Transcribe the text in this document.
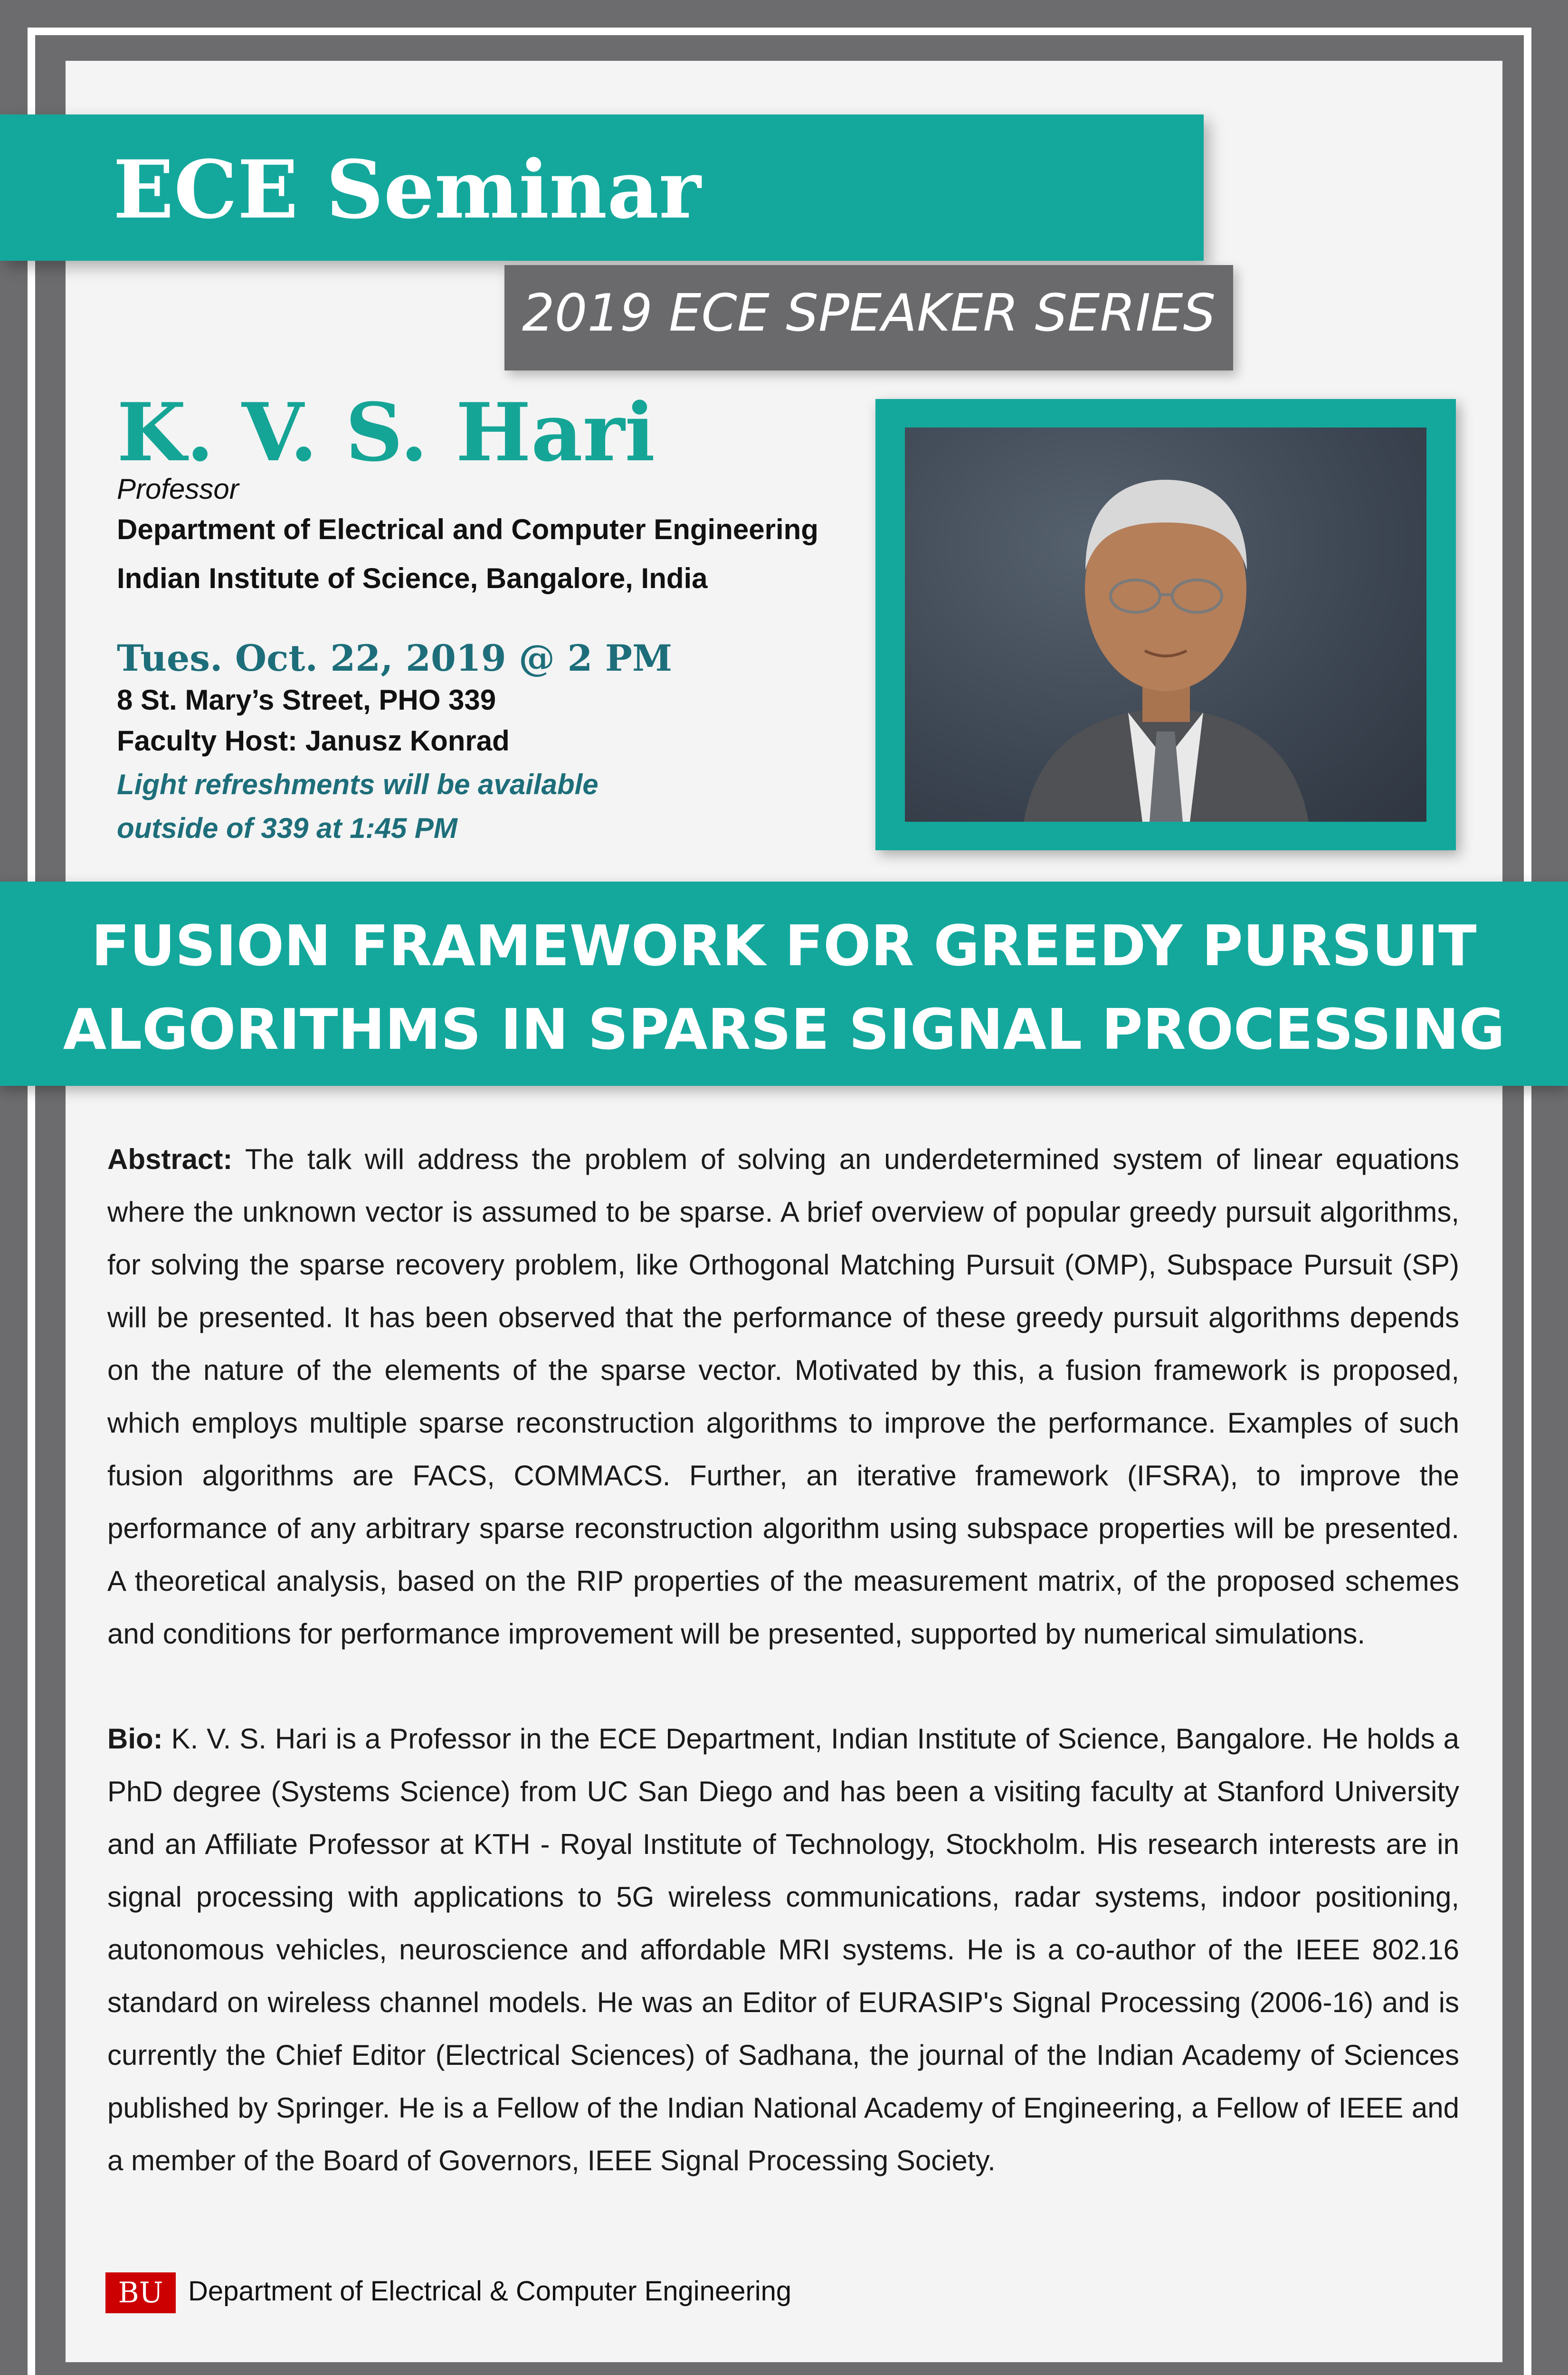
ECE Seminar
2019 ECE SPEAKER SERIES
K. V. S. Hari
Professor
Department of Electrical and Computer Engineering
Indian Institute of Science, Bangalore, India
Tues. Oct. 22, 2019 @ 2 PM
8 St. Mary’s Street, PHO 339
Faculty Host: Janusz Konrad
Light refreshments will be available
outside of 339 at 1:45 PM
FUSION FRAMEWORK FOR GREEDY PURSUIT
ALGORITHMS IN SPARSE SIGNAL PROCESSING
Abstract: The talk will address the problem of solving an underdetermined system of linear equations where the unknown vector is assumed to be sparse. A brief overview of popular greedy pursuit algorithms, for solving the sparse recovery problem, like Orthogonal Matching Pursuit (OMP), Subspace Pursuit (SP) will be presented. It has been observed that the performance of these greedy pursuit algorithms depends on the nature of the elements of the sparse vector. Motivated by this, a fusion framework is proposed, which employs multiple sparse reconstruction algorithms to improve the performance. Examples of such fusion algorithms are FACS, COMMACS. Further, an iterative framework (IFSRA), to improve the performance of any arbitrary sparse reconstruction algorithm using subspace properties will be presented. A theoretical analysis, based on the RIP properties of the measurement matrix, of the proposed schemes and conditions for performance improvement will be presented, supported by numerical simulations.
Bio: K. V. S. Hari is a Professor in the ECE Department, Indian Institute of Science, Bangalore. He holds a PhD degree (Systems Science) from UC San Diego and has been a visiting faculty at Stanford University and an Affiliate Professor at KTH - Royal Institute of Technology, Stockholm. His research interests are in signal processing with applications to 5G wireless communications, radar systems, indoor positioning, autonomous vehicles, neuroscience and affordable MRI systems. He is a co-author of the IEEE 802.16 standard on wireless channel models. He was an Editor of EURASIP's Signal Processing (2006-16) and is currently the Chief Editor (Electrical Sciences) of Sadhana, the journal of the Indian Academy of Sciences published by Springer. He is a Fellow of the Indian National Academy of Engineering, a Fellow of IEEE and a member of the Board of Governors, IEEE Signal Processing Society.
BU Department of Electrical & Computer Engineering
